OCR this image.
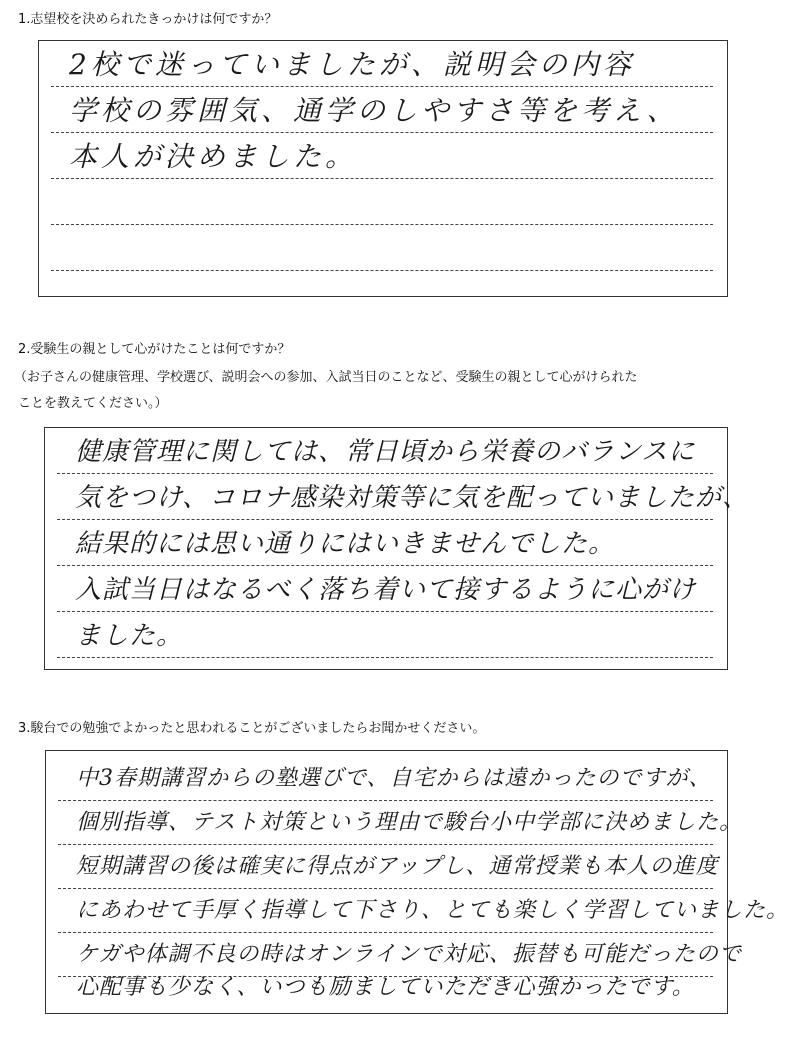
1.志望校を決められたきっかけは何ですか？
2校で迷っていましたが、説明会の内容
学校の雰囲気、通学のしやすさ等を考え、
本人が決めました。
2.受験生の親として心がけたことは何ですか？
（お子さんの健康管理、学校選び、説明会への参加、入試当日のことなど、受験生の親として心がけられた
ことを教えてください。）
健康管理に関しては、常日頃から栄養のバランスに
気をつけ、コロナ感染対策等に気を配っていましたが、
結果的には思い通りにはいきませんでした。
入試当日はなるべく落ち着いて接するように心がけ
ました。
3.駿台での勉強でよかったと思われることがございましたらお聞かせください。
中3春期講習からの塾選びで、自宅からは遠かったのですが、
個別指導、テスト対策という理由で駿台小中学部に決めました。
短期講習の後は確実に得点がアップし、通常授業も本人の進度
にあわせて手厚く指導して下さり、とても楽しく学習していました。
ケガや体調不良の時はオンラインで対応、振替も可能だったので
心配事も少なく、いつも励ましていただき心強かったです。
